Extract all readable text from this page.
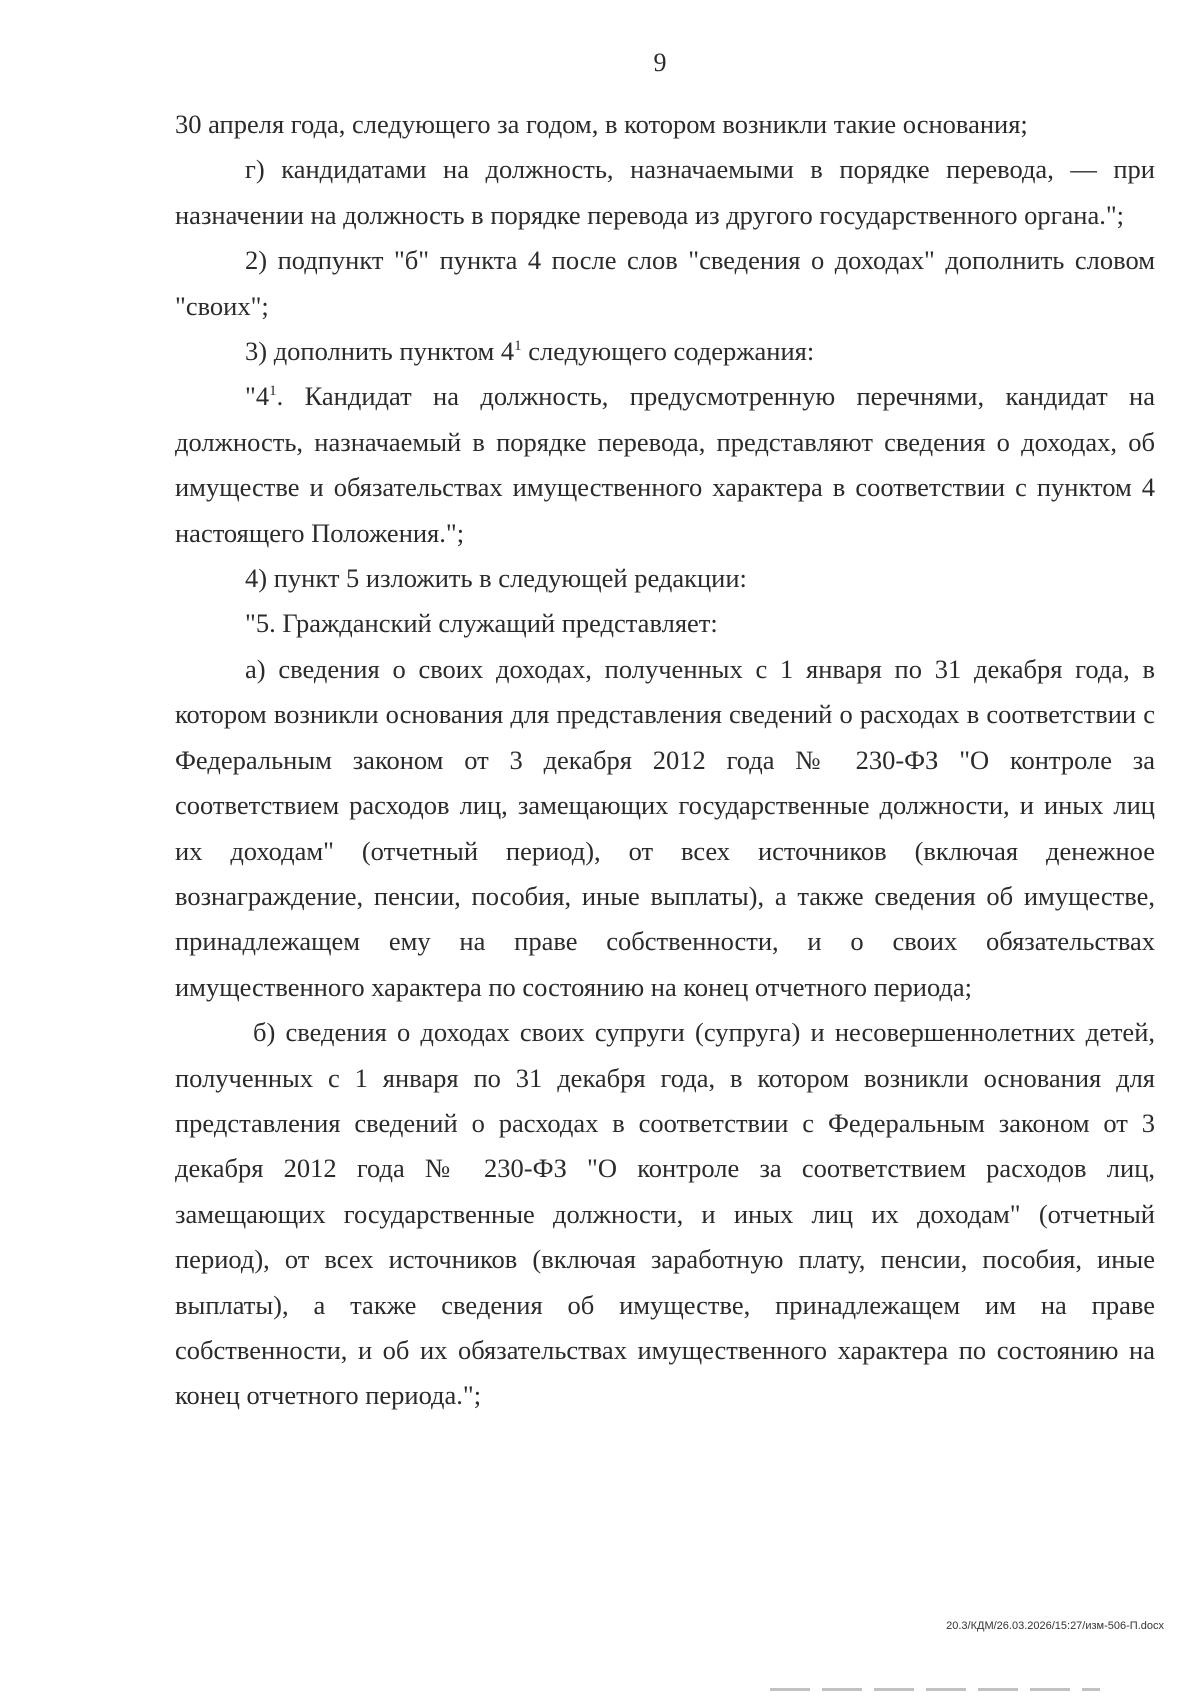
9

30 апреля года, следующего за годом, в котором возникли такие основания;

г) кандидатами на должность, назначаемыми в порядке перевода, — при назначении на должность в порядке перевода из другого государственного органа.";

2) подпункт "б" пункта 4 после слов "сведения о доходах" дополнить словом "своих";

3) дополнить пунктом $4^1$ следующего содержания:

"$4^1$. Кандидат на должность, предусмотренную перечнями, кандидат на должность, назначаемый в порядке перевода, представляют сведения о доходах, об имуществе и обязательствах имущественного характера в соответствии с пунктом 4 настоящего Положения.";

4) пункт 5 изложить в следующей редакции:

"5. Гражданский служащий представляет:

а) сведения о своих доходах, полученных с 1 января по 31 декабря года, в котором возникли основания для представления сведений о расходах в соответствии с Федеральным законом от 3 декабря 2012 года № 230-ФЗ "О контроле за соответствием расходов лиц, замещающих государственные должности, и иных лиц их доходам" (отчетный период), от всех источников (включая денежное вознаграждение, пенсии, пособия, иные выплаты), а также сведения об имуществе, принадлежащем ему на праве собственности, и о своих обязательствах имущественного характера по состоянию на конец отчетного периода;

б) сведения о доходах своих супруги (супруга) и несовершеннолетних детей, полученных с 1 января по 31 декабря года, в котором возникли основания для представления сведений о расходах в соответствии с Федеральным законом от 3 декабря 2012 года № 230-ФЗ "О контроле за соответствием расходов лиц, замещающих государственные должности, и иных лиц их доходам" (отчетный период), от всех источников (включая заработную плату, пенсии, пособия, иные выплаты), а также сведения об имуществе, принадлежащем им на праве собственности, и об их обязательствах имущественного характера по состоянию на конец отчетного периода.";

20.3/КДМ/26.03.2026/15:27/изм-506-П.docx
